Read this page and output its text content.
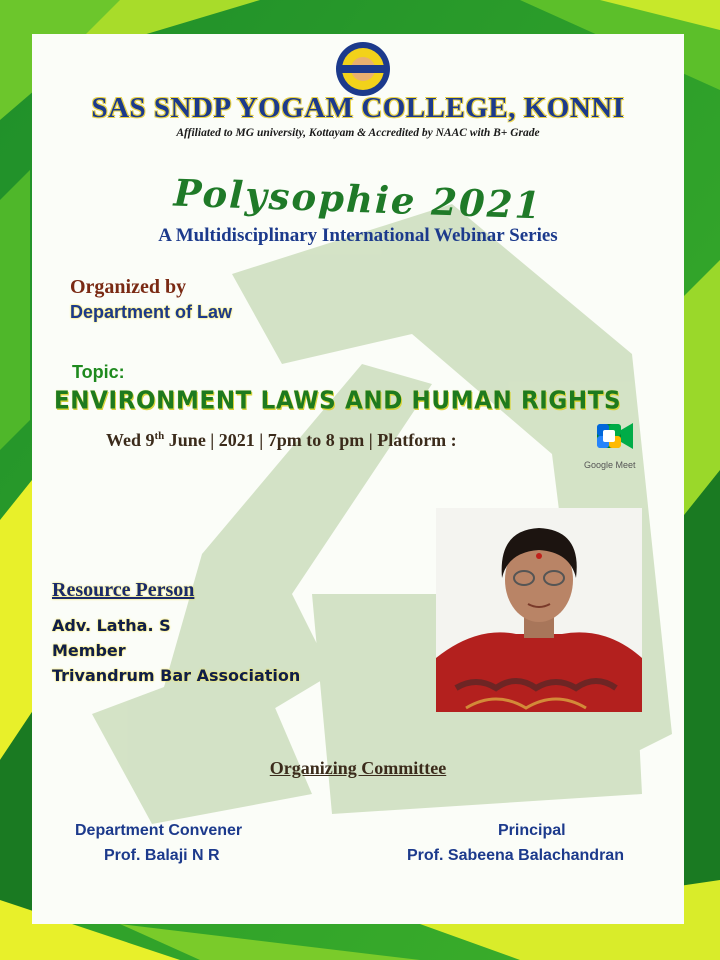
SAS SNDP YOGAM COLLEGE, KONNI
Affiliated to MG university, Kottayam & Accredited by NAAC with B+ Grade
Polysophie 2021
A Multidisciplinary International Webinar Series
Organized by
Department of Law
Topic:
ENVIRONMENT LAWS AND HUMAN RIGHTS
Wed 9th June | 2021 | 7pm to 8 pm | Platform :
Google Meet
Resource Person
Adv. Latha. S
Member
Trivandrum Bar Association
Organizing Committee
Department Convener
Prof. Balaji N R
Principal
Prof. Sabeena Balachandran
